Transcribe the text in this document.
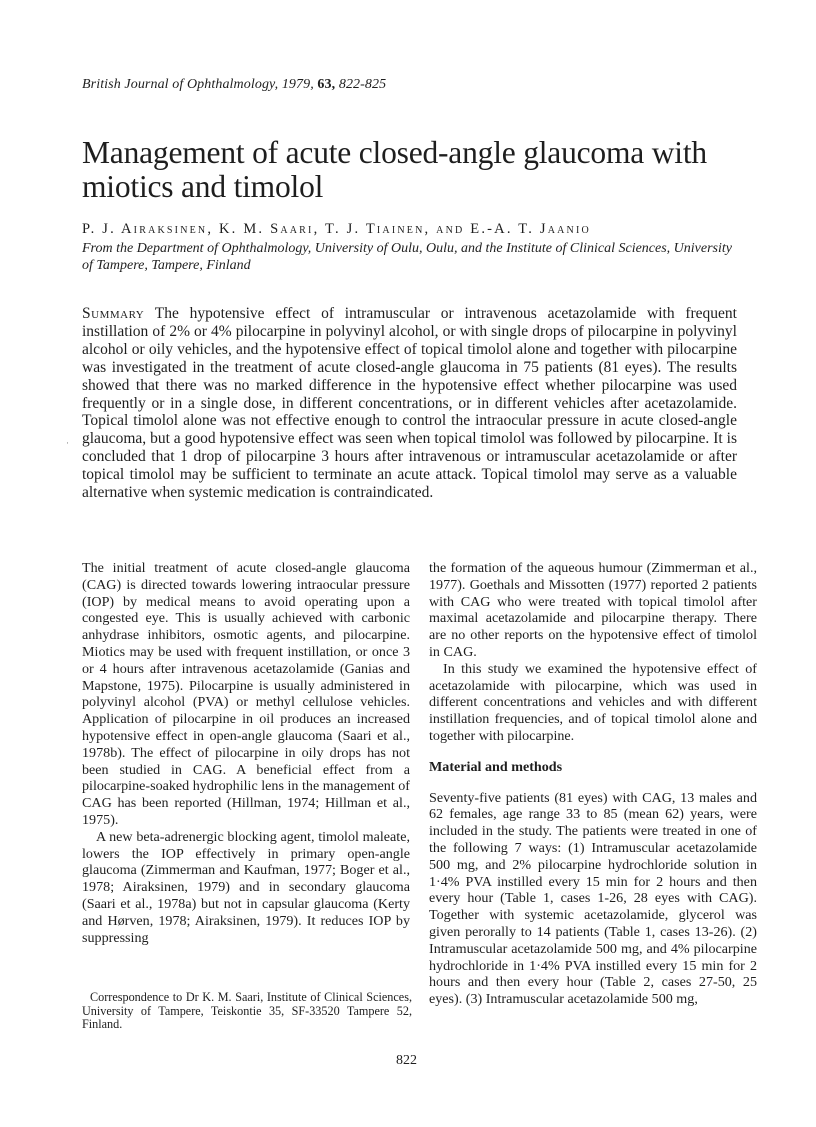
British Journal of Ophthalmology, 1979, 63, 822-825
Management of acute closed-angle glaucoma with miotics and timolol
P. J. Airaksinen, K. M. Saari, T. J. Tiainen, and E.-A. T. Jaanio
From the Department of Ophthalmology, University of Oulu, Oulu, and the Institute of Clinical Sciences, University of Tampere, Tampere, Finland

Summary The hypotensive effect of intramuscular or intravenous acetazolamide with frequent instillation of 2% or 4% pilocarpine in polyvinyl alcohol, or with single drops of pilocarpine in polyvinyl alcohol or oily vehicles, and the hypotensive effect of topical timolol alone and together with pilocarpine was investigated in the treatment of acute closed-angle glaucoma in 75 patients (81 eyes). The results showed that there was no marked difference in the hypotensive effect whether pilocarpine was used frequently or in a single dose, in different concentrations, or in different vehicles after acetazolamide. Topical timolol alone was not effective enough to control the intraocular pressure in acute closed-angle glaucoma, but a good hypotensive effect was seen when topical timolol was followed by pilocarpine. It is concluded that 1 drop of pilocarpine 3 hours after intravenous or intramuscular acetazolamide or after topical timolol may be sufficient to terminate an acute attack. Topical timolol may serve as a valuable alternative when systemic medication is contraindicated.

·

The initial treatment of acute closed-angle glaucoma (CAG) is directed towards lowering intraocular pressure (IOP) by medical means to avoid operating upon a congested eye. This is usually achieved with carbonic anhydrase inhibitors, osmotic agents, and pilocarpine. Miotics may be used with frequent instillation, or once 3 or 4 hours after intravenous acetazolamide (Ganias and Mapstone, 1975). Pilocarpine is usually administered in polyvinyl alcohol (PVA) or methyl cellulose vehicles. Application of pilocarpine in oil produces an increased hypotensive effect in open-angle glaucoma (Saari et al., 1978b). The effect of pilocarpine in oily drops has not been studied in CAG. A beneficial effect from a pilocarpine-soaked hydrophilic lens in the management of CAG has been reported (Hillman, 1974; Hillman et al., 1975).

A new beta-adrenergic blocking agent, timolol maleate, lowers the IOP effectively in primary open-angle glaucoma (Zimmerman and Kaufman, 1977; Boger et al., 1978; Airaksinen, 1979) and in secondary glaucoma (Saari et al., 1978a) but not in capsular glaucoma (Kerty and Hørven, 1978; Airaksinen, 1979). It reduces IOP by suppressing

the formation of the aqueous humour (Zimmerman et al., 1977). Goethals and Missotten (1977) reported 2 patients with CAG who were treated with topical timolol after maximal acetazolamide and pilocarpine therapy. There are no other reports on the hypotensive effect of timolol in CAG.

In this study we examined the hypotensive effect of acetazolamide with pilocarpine, which was used in different concentrations and vehicles and with different instillation frequencies, and of topical timolol alone and together with pilocarpine.

Material and methods

Seventy-five patients (81 eyes) with CAG, 13 males and 62 females, age range 33 to 85 (mean 62) years, were included in the study. The patients were treated in one of the following 7 ways: (1) Intramuscular acetazolamide 500 mg, and 2% pilocarpine hydrochloride solution in 1·4% PVA instilled every 15 min for 2 hours and then every hour (Table 1, cases 1-26, 28 eyes with CAG). Together with systemic acetazolamide, glycerol was given perorally to 14 patients (Table 1, cases 13-26). (2) Intramuscular acetazolamide 500 mg, and 4% pilocarpine hydrochloride in 1·4% PVA instilled every 15 min for 2 hours and then every hour (Table 2, cases 27-50, 25 eyes). (3) Intramuscular acetazolamide 500 mg,

Correspondence to Dr K. M. Saari, Institute of Clinical Sciences, University of Tampere, Teiskontie 35, SF-33520 Tampere 52, Finland.
822
